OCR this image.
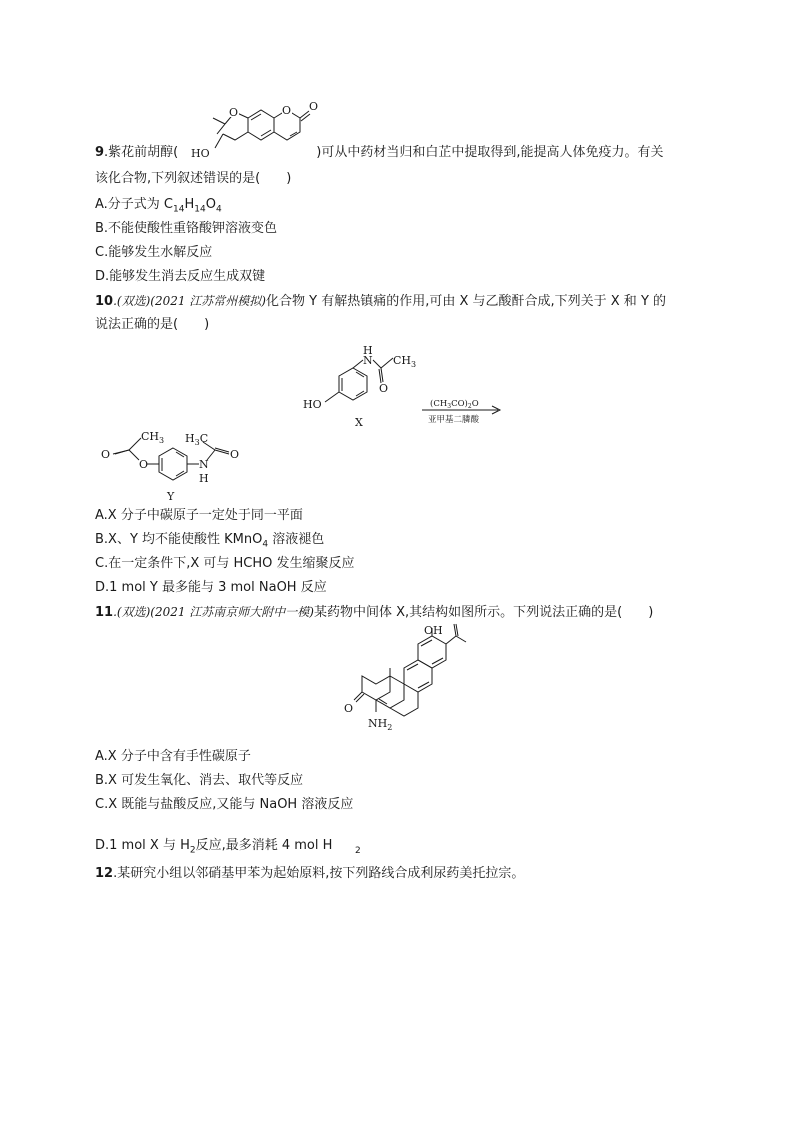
9.紫花前胡醇(	)可从中药材当归和白芷中提取得到,能提高人体免疫力。有关
O	O O
HO
该化合物,下列叙述错误的是(　　)
A.分子式为 $C_{14}H_{14}O_4$
B.不能使酸性重铬酸钾溶液变色
C.能够发生水解反应
D.能够发生消去反应生成双键
10.(双选)(2021 江苏常州模拟)化合物 Y 有解热镇痛的作用,可由 X 与乙酸酐合成,下列关于 X 和 Y 的
说法正确的是(　　)
H
N
O
$CH_3$
HO
X
$(CH_3CO)_2O$
亚甲基二膦酸
O
O
$CH_3$
N
H
$H_3C$
O
Y
A.X 分子中碳原子一定处于同一平面
B.X、Y 均不能使酸性 KMnO$_4$ 溶液褪色
C.在一定条件下,X 可与 HCHO 发生缩聚反应
D.1 mol Y 最多能与 3 mol NaOH 反应
11.(双选)(2021 江苏南京师大附中一模)某药物中间体 X,其结构如图所示。下列说法正确的是(　　)
OH
O
$NH_2$
A.X 分子中含有手性碳原子
B.X 可发生氧化、消去、取代等反应
C.X 既能与盐酸反应,又能与 NaOH 溶液反应
D.1 mol X 与 $H_2$反应,最多消耗 4 mol H	2
12.某研究小组以邻硝基甲苯为起始原料,按下列路线合成利尿药美托拉宗。
